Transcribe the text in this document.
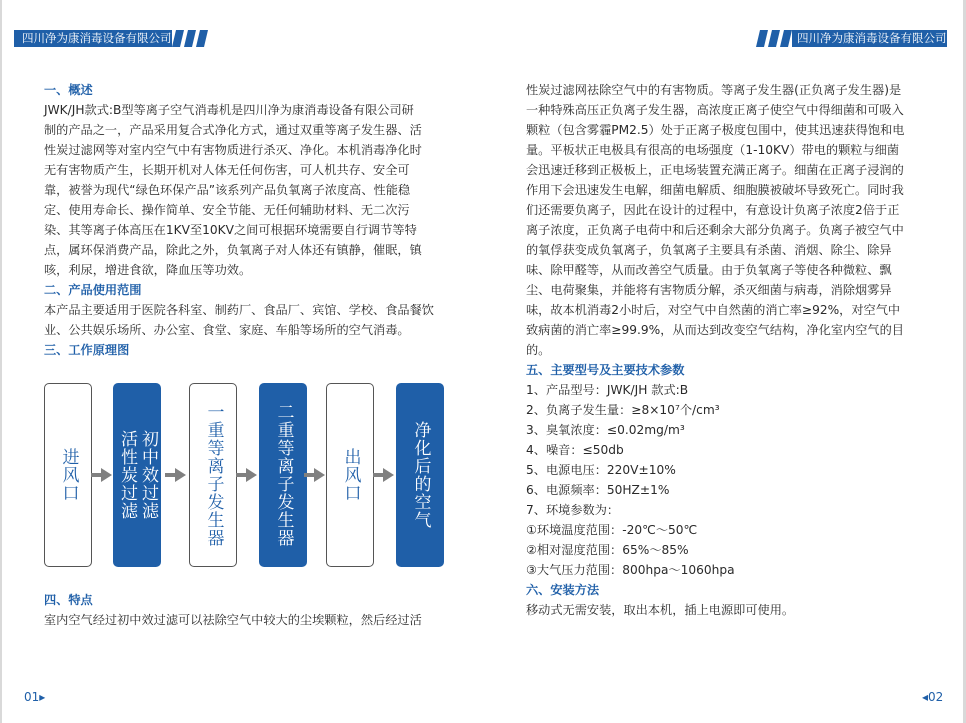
四川净为康消毒设备有限公司	四川净为康消毒设备有限公司

一、概述

JWK/JH款式:B型等离子空气消毒机是四川净为康消毒设备有限公司研

制的产品之一，产品采用复合式净化方式，通过双重等离子发生器、活

性炭过滤网等对室内空气中有害物质进行杀灭、净化。本机消毒净化时

无有害物质产生，长期开机对人体无任何伤害，可人机共存、安全可

靠，被誉为现代“绿色环保产品”该系列产品负氧离子浓度高、性能稳

定、使用寿命长、操作简单、安全节能、无任何辅助材料、无二次污

染、其等离子体高压在1KV至10KV之间可根据环境需要自行调节等特

点，属环保消费产品，除此之外，负氧离子对人体还有镇静，催眠，镇

咳，利尿，增进食欲，降血压等功效。

二、产品使用范围

本产品主要适用于医院各科室、制药厂、食品厂、宾馆、学校、食品餐饮

业、公共娱乐场所、办公室、食堂、家庭、车船等场所的空气消毒。

三、工作原理图

进风口	初中效过滤
活性炭过滤	一重等离子发生器	二重等离子发生器	出风口	净化后的空气

四、特点

室内空气经过初中效过滤可以祛除空气中较大的尘埃颗粒，然后经过活

性炭过滤网祛除空气中的有害物质。等离子发生器(正负离子发生器)是

一种特殊高压正负离子发生器，高浓度正离子使空气中得细菌和可吸入

颗粒（包含雾霾PM2.5）处于正离子极度包围中，使其迅速获得饱和电

量。平板状正电极具有很高的电场强度（1-10KV）带电的颗粒与细菌

会迅速迁移到正极板上，正电场装置充满正离子。细菌在正离子浸润的

作用下会迅速发生电解，细菌电解质、细胞膜被破坏导致死亡。同时我

们还需要负离子，因此在设计的过程中，有意设计负离子浓度2倍于正

离子浓度，正负离子电荷中和后还剩余大部分负离子。负离子被空气中

的氧俘获变成负氧离子，负氧离子主要具有杀菌、消烟、除尘、除异

味、除甲醛等，从而改善空气质量。由于负氧离子等使各种微粒、飘

尘、电荷聚集，并能将有害物质分解，杀灭细菌与病毒，消除烟雾异

味，故本机消毒2小时后，对空气中自然菌的消亡率≥92%，对空气中

致病菌的消亡率≥99.9%，从而达到改变空气结构，净化室内空气的目

的。

五、主要型号及主要技术参数

1、产品型号：JWK/JH 款式:B

2、负离子发生量：≥8×10⁷个/cm³

3、臭氧浓度：≤0.02mg/m³

4、噪音：≤50db

5、电源电压：220V±10%

6、电源频率：50HZ±1%

7、环境参数为：

①环境温度范围：-20℃～50℃

②相对湿度范围：65%～85%

③大气压力范围：800hpa～1060hpa

六、安装方法

移动式无需安装，取出本机，插上电源即可使用。

01▸	◂02
